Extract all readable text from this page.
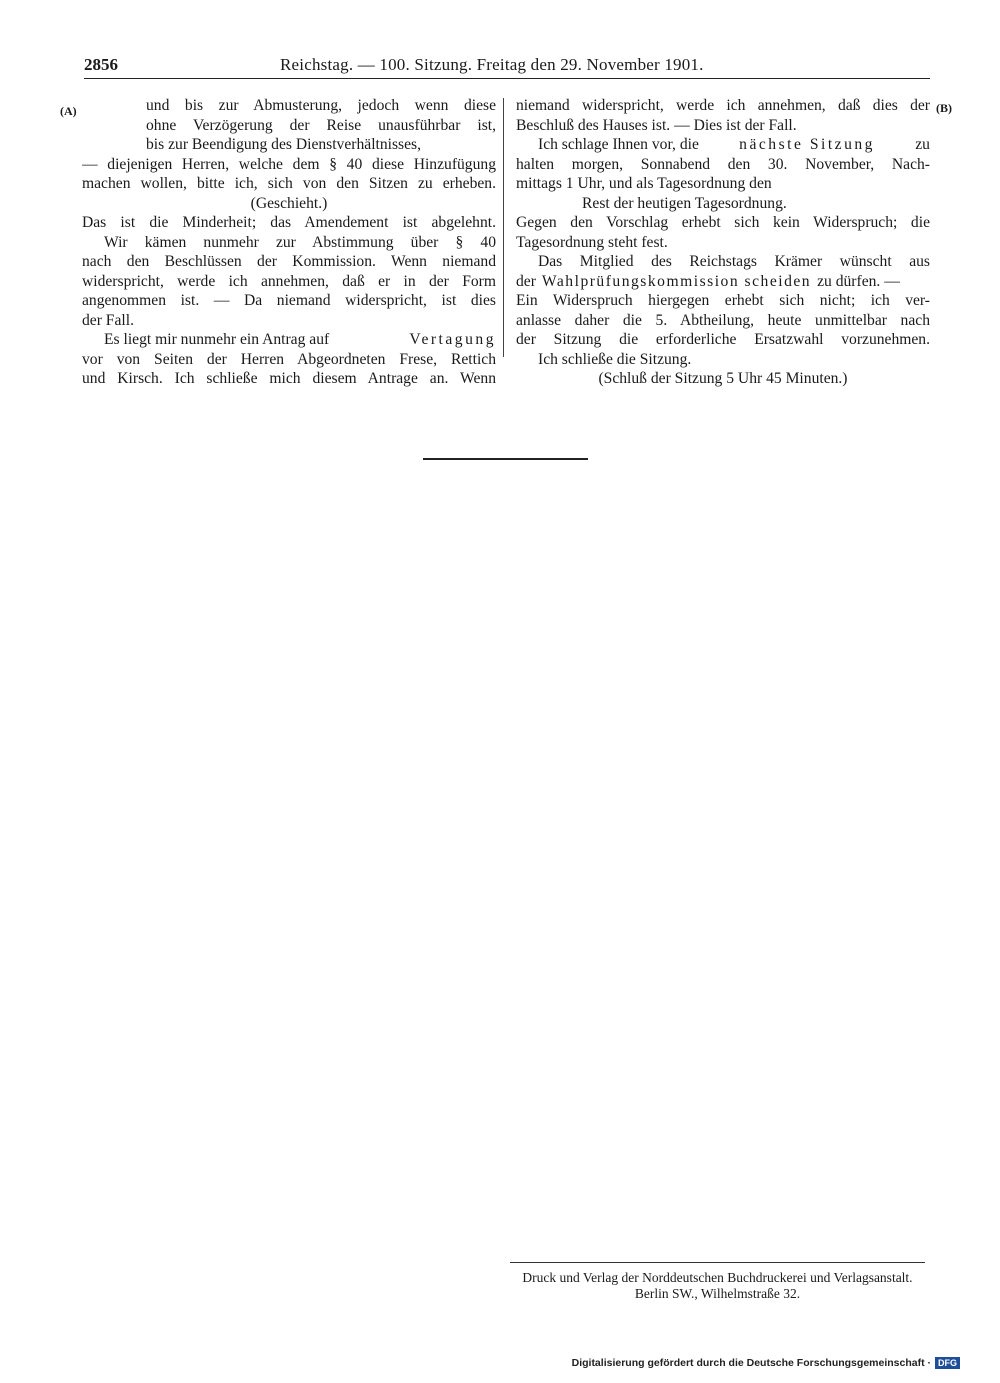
2856	Reichstag. — 100. Sitzung. Freitag den 29. November 1901.
(A)	(B)
und bis zur Abmusterung, jedoch wenn diese
ohne Verzögerung der Reise unausführbar ist,
bis zur Beendigung des Dienstverhältnisses,
— diejenigen Herren, welche dem § 40 diese Hinzufügung
machen wollen, bitte ich, sich von den Sitzen zu erheben.
(Geschieht.)
Das ist die Minderheit; das Amendement ist abgelehnt.
Wir kämen nunmehr zur Abstimmung über § 40
nach den Beschlüssen der Kommission. Wenn niemand
widerspricht, werde ich annehmen, daß er in der Form
angenommen ist. — Da niemand widerspricht, ist dies
der Fall.
Es liegt mir nunmehr ein Antrag auf	Vertagung
vor von Seiten der Herren Abgeordneten Frese, Rettich
und Kirsch. Ich schließe mich diesem Antrage an. Wenn
niemand widerspricht, werde ich annehmen, daß dies der
Beschluß des Hauses ist. — Dies ist der Fall.
Ich schlage Ihnen vor, die	nächste Sitzung	zu
halten morgen, Sonnabend den 30. November, Nach-
mittags 1 Uhr, und als Tagesordnung den
Rest der heutigen Tagesordnung.
Gegen den Vorschlag erhebt sich kein Widerspruch; die
Tagesordnung steht fest.
Das Mitglied des Reichstags Krämer wünscht aus
der Wahlprüfungskommission scheiden zu dürfen. —
Ein Widerspruch hiergegen erhebt sich nicht; ich ver-
anlasse daher die 5. Abtheilung, heute unmittelbar nach
der Sitzung die erforderliche Ersatzwahl vorzunehmen.
Ich schließe die Sitzung.
(Schluß der Sitzung 5 Uhr 45 Minuten.)
Druck und Verlag der Norddeutschen Buchdruckerei und Verlagsanstalt.
Berlin SW., Wilhelmstraße 32.
Digitalisierung gefördert durch die Deutsche Forschungsgemeinschaft · DFG
